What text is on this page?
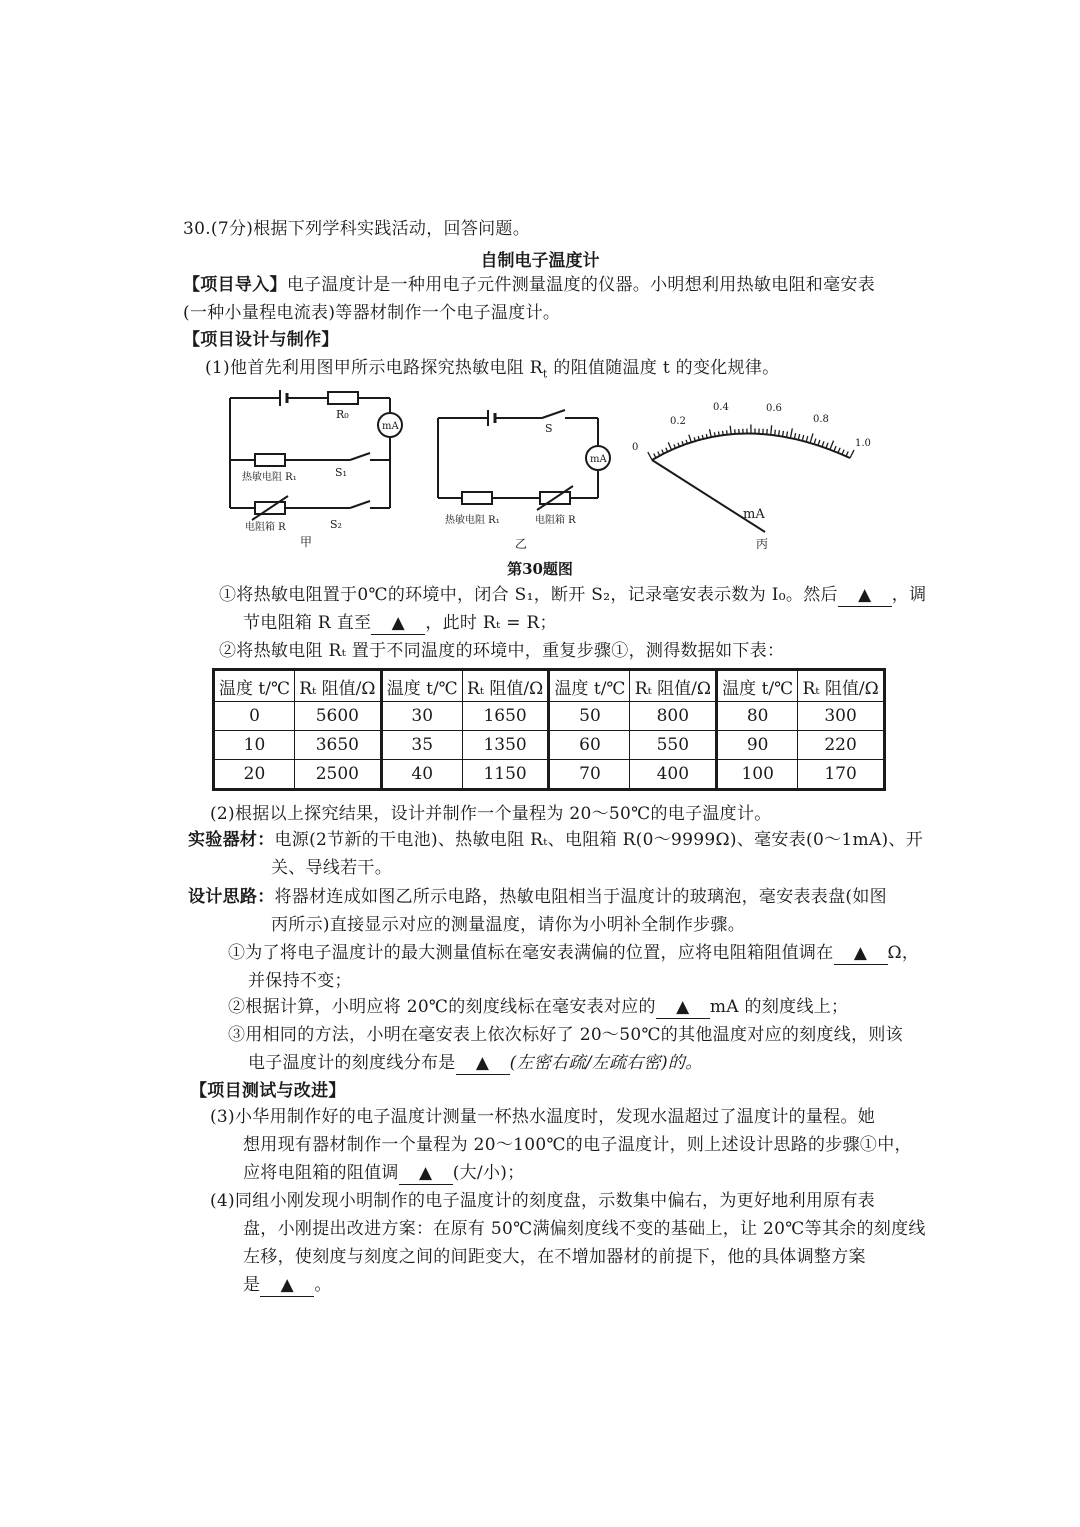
30.(7分)根据下列学科实践活动，回答问题。
自制电子温度计
【项目导入】电子温度计是一种用电子元件测量温度的仪器。小明想利用热敏电阻和毫安表
(一种小量程电流表)等器材制作一个电子温度计。
【项目设计与制作】
(1)他首先利用图甲所示电路探究热敏电阻 $R_t$ 的阻值随温度 t 的变化规律。
R₀
mA
热敏电阻 R₁	S₁
电阻箱 R	S₂
甲
S
mA
热敏电阻 R₁	电阻箱 R
乙
0
0.2
0.4	0.6
0.8
1.0
mA
丙
第30题图
①将热敏电阻置于0℃的环境中，闭合 S₁，断开 S₂，记录毫安表示数为 I₀。然后 ▲ ，调
节电阻箱 R 直至 ▲ ，此时 Rₜ = R；
②将热敏电阻 Rₜ 置于不同温度的环境中，重复步骤①，测得数据如下表：
温度 t/℃	Rₜ 阻值/Ω	温度 t/℃	Rₜ 阻值/Ω	温度 t/℃	Rₜ 阻值/Ω	温度 t/℃	Rₜ 阻值/Ω
0	5600	30	1650	50	800	80	300
10	3650	35	1350	60	550	90	220
20	2500	40	1150	70	400	100	170
(2)根据以上探究结果，设计并制作一个量程为 20～50℃的电子温度计。
实验器材：电源(2节新的干电池)、热敏电阻 Rₜ、电阻箱 R(0～9999Ω)、毫安表(0～1mA)、开
关、导线若干。
设计思路：将器材连成如图乙所示电路，热敏电阻相当于温度计的玻璃泡，毫安表表盘(如图
丙所示)直接显示对应的测量温度，请你为小明补全制作步骤。
①为了将电子温度计的最大测量值标在毫安表满偏的位置，应将电阻箱阻值调在 ▲ Ω，
并保持不变；
②根据计算，小明应将 20℃的刻度线标在毫安表对应的 ▲ mA 的刻度线上；
③用相同的方法，小明在毫安表上依次标好了 20～50℃的其他温度对应的刻度线，则该
电子温度计的刻度线分布是 ▲ (左密右疏/左疏右密)的。
【项目测试与改进】
(3)小华用制作好的电子温度计测量一杯热水温度时，发现水温超过了温度计的量程。她
想用现有器材制作一个量程为 20～100℃的电子温度计，则上述设计思路的步骤①中，
应将电阻箱的阻值调 ▲ (大/小)；
(4)同组小刚发现小明制作的电子温度计的刻度盘，示数集中偏右，为更好地利用原有表
盘，小刚提出改进方案：在原有 50℃满偏刻度线不变的基础上，让 20℃等其余的刻度线
左移，使刻度与刻度之间的间距变大，在不增加器材的前提下，他的具体调整方案
是 ▲ 。
